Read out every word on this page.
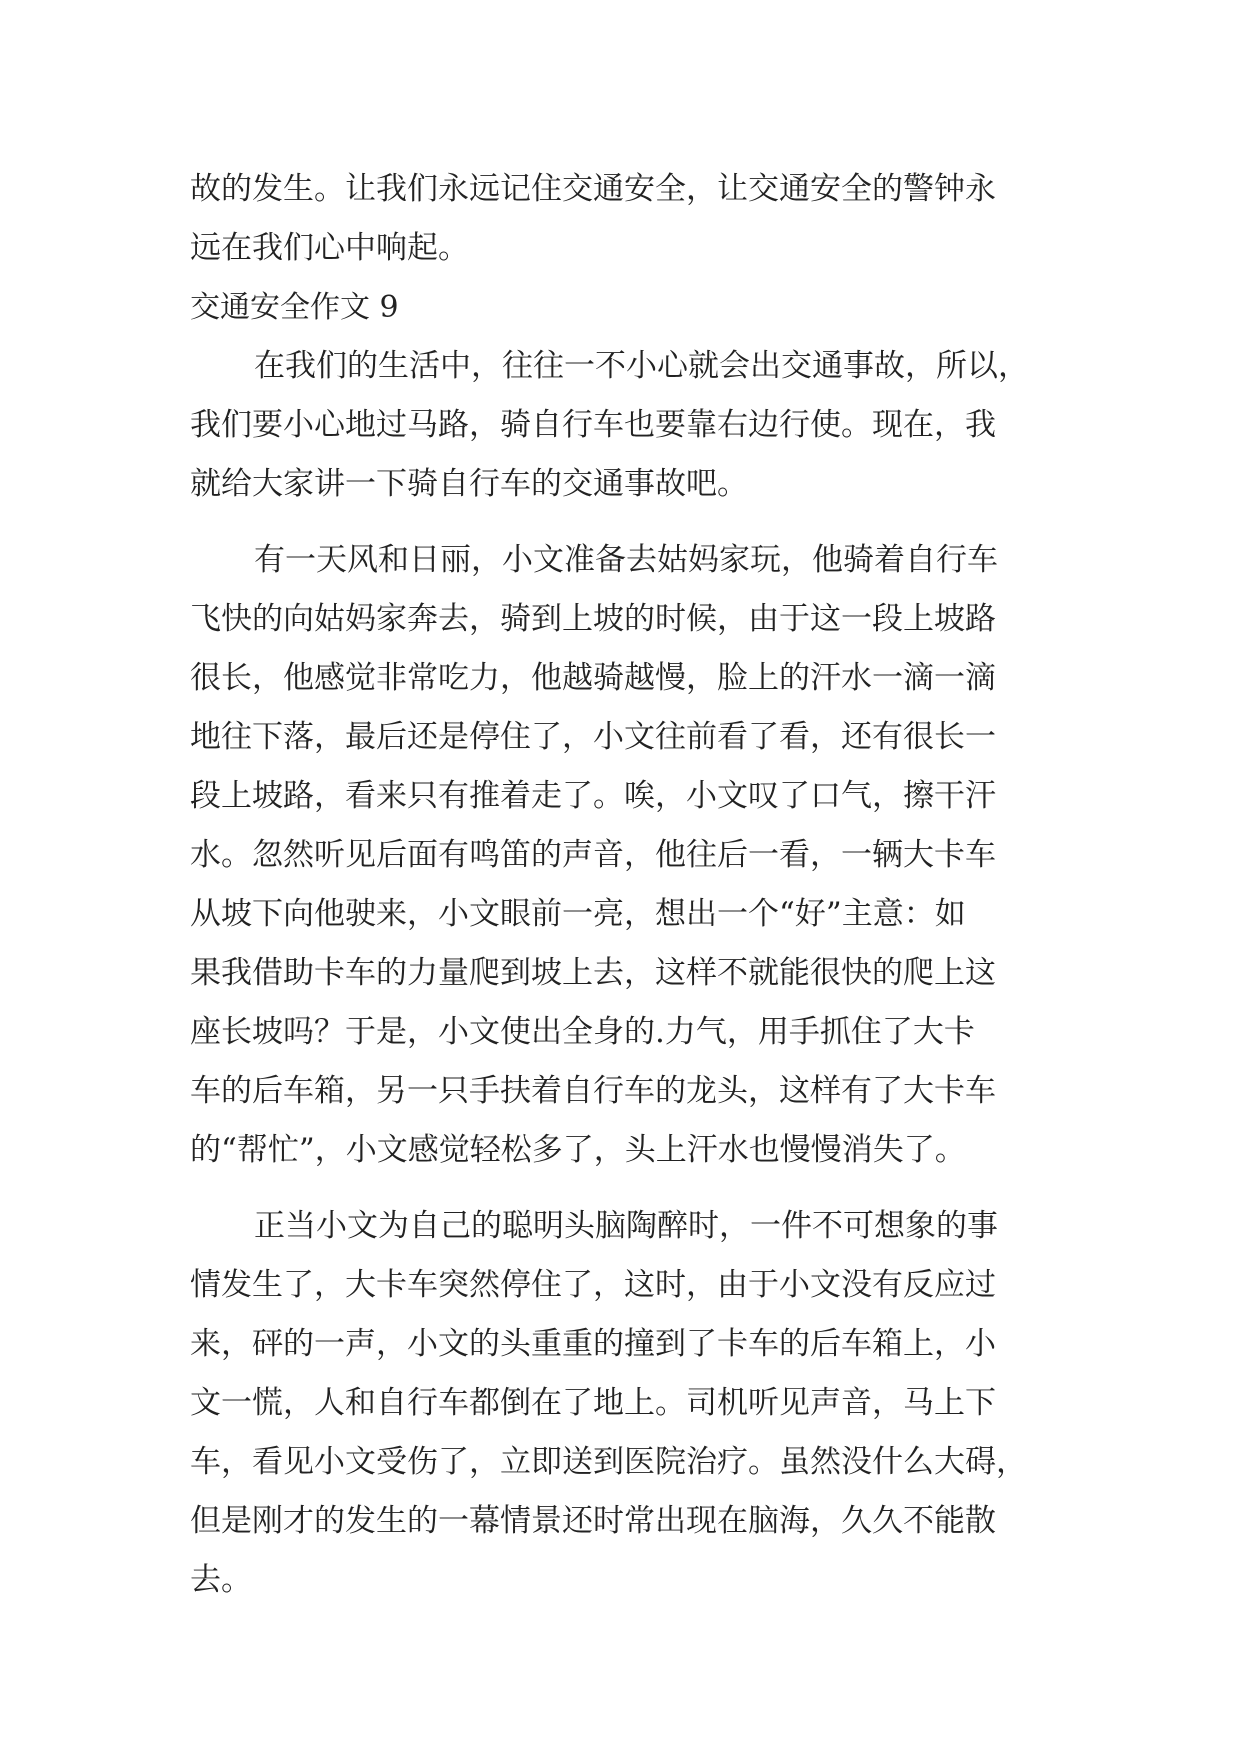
故的发生。让我们永远记住交通安全，让交通安全的警钟永
远在我们心中响起。
交通安全作文 9
在我们的生活中，往往一不小心就会出交通事故，所以，
我们要小心地过马路，骑自行车也要靠右边行使。现在，我
就给大家讲一下骑自行车的交通事故吧。
有一天风和日丽，小文准备去姑妈家玩，他骑着自行车
飞快的向姑妈家奔去，骑到上坡的时候，由于这一段上坡路
很长，他感觉非常吃力，他越骑越慢，脸上的汗水一滴一滴
地往下落，最后还是停住了，小文往前看了看，还有很长一
段上坡路，看来只有推着走了。唉，小文叹了口气，擦干汗
水。忽然听见后面有鸣笛的声音，他往后一看，一辆大卡车
从坡下向他驶来，小文眼前一亮，想出一个“好”主意：如
果我借助卡车的力量爬到坡上去，这样不就能很快的爬上这
座长坡吗？于是，小文使出全身的.力气，用手抓住了大卡
车的后车箱，另一只手扶着自行车的龙头，这样有了大卡车
的“帮忙”，小文感觉轻松多了，头上汗水也慢慢消失了。
正当小文为自己的聪明头脑陶醉时，一件不可想象的事
情发生了，大卡车突然停住了，这时，由于小文没有反应过
来，砰的一声，小文的头重重的撞到了卡车的后车箱上，小
文一慌，人和自行车都倒在了地上。司机听见声音，马上下
车，看见小文受伤了，立即送到医院治疗。虽然没什么大碍，
但是刚才的发生的一幕情景还时常出现在脑海，久久不能散
去。
